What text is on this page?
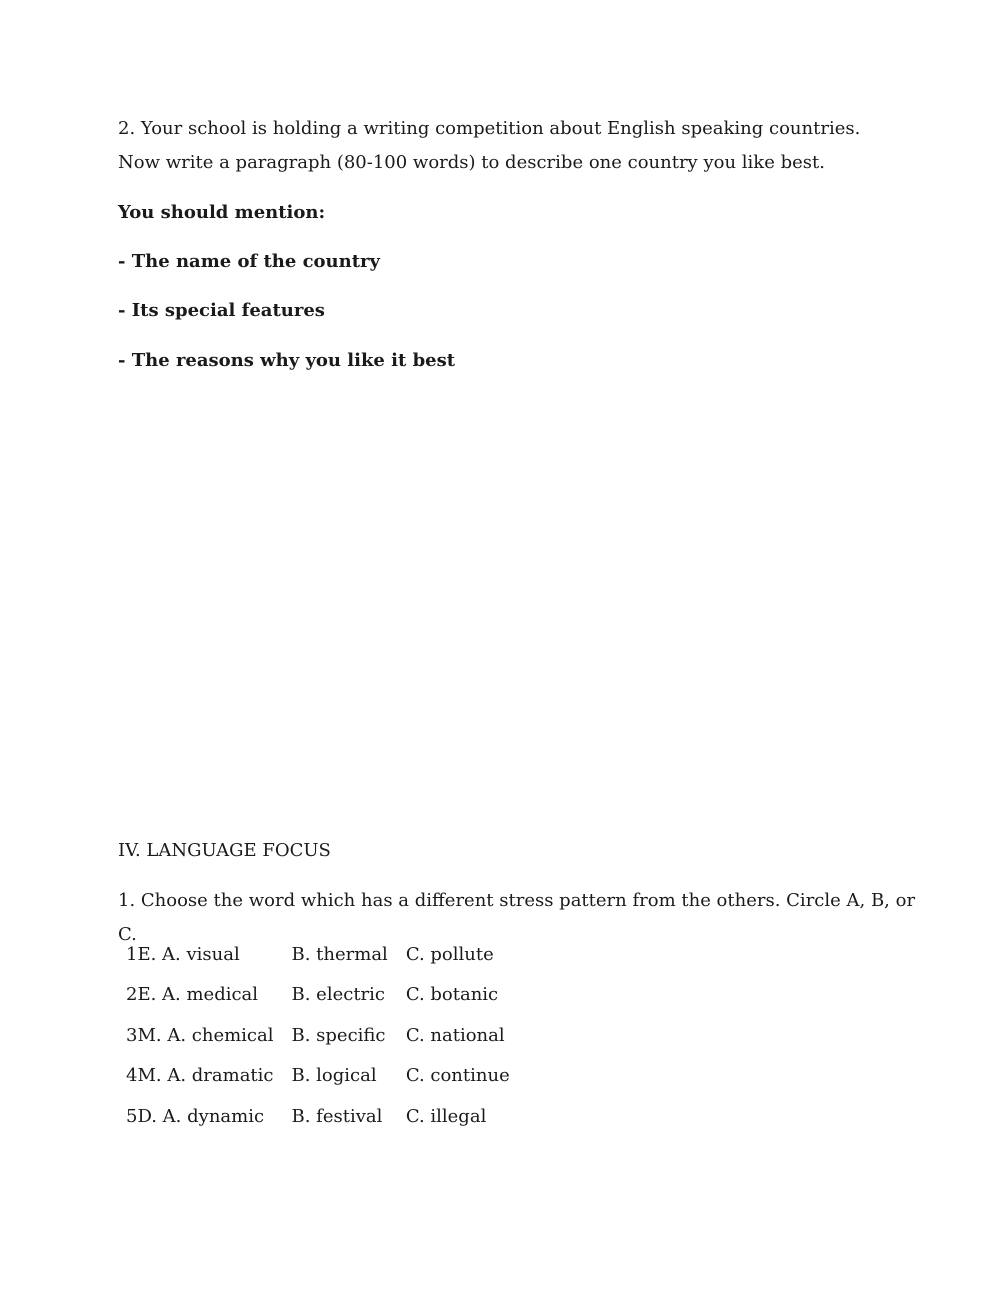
2. Your school is holding a writing competition about English speaking countries. Now write a paragraph (80-100 words) to describe one country you like best.

You should mention:

- The name of the country

- Its special features

- The reasons why you like it best

IV. LANGUAGE FOCUS

1. Choose the word which has a different stress pattern from the others. Circle A, B, or C.

1E. A. visual	B. thermal	C. pollute
2E. A. medical	B. electric	C. botanic
3M. A. chemical	B. specific	C. national
4M. A. dramatic	B. logical	C. continue
5D. A. dynamic	B. festival	C. illegal
